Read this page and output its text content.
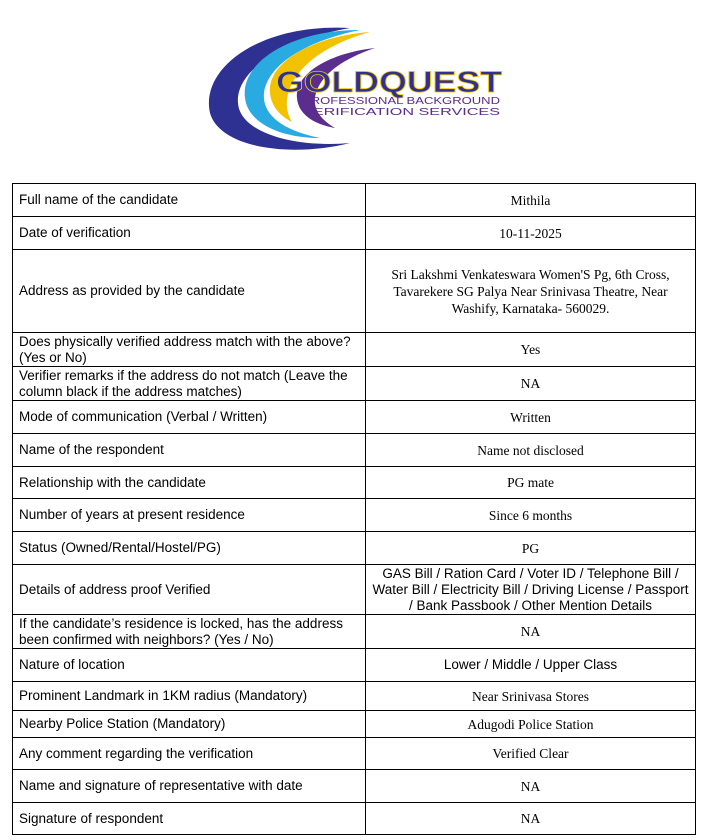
GOLDQUEST
PROFESSIONAL BACKGROUND
VERIFICATION SERVICES
Full name of the candidate	Mithila
Date of verification	10-11-2025
Address as provided by the candidate	Sri Lakshmi Venkateswara Women'S Pg, 6th Cross, Tavarekere SG Palya Near Srinivasa Theatre, Near Washify, Karnataka- 560029.
Does physically verified address match with the above? (Yes or No)	Yes
Verifier remarks if the address do not match (Leave the column black if the address matches)	NA
Mode of communication (Verbal / Written)	Written
Name of the respondent	Name not disclosed
Relationship with the candidate	PG mate
Number of years at present residence	Since 6 months
Status (Owned/Rental/Hostel/PG)	PG
Details of address proof Verified	GAS Bill / Ration Card / Voter ID / Telephone Bill / Water Bill / Electricity Bill / Driving License / Passport / Bank Passbook / Other Mention Details
If the candidate’s residence is locked, has the address been confirmed with neighbors? (Yes / No)	NA
Nature of location	Lower / Middle / Upper Class
Prominent Landmark in 1KM radius (Mandatory)	Near Srinivasa Stores
Nearby Police Station (Mandatory)	Adugodi Police Station
Any comment regarding the verification	Verified Clear
Name and signature of representative with date	NA
Signature of respondent	NA
